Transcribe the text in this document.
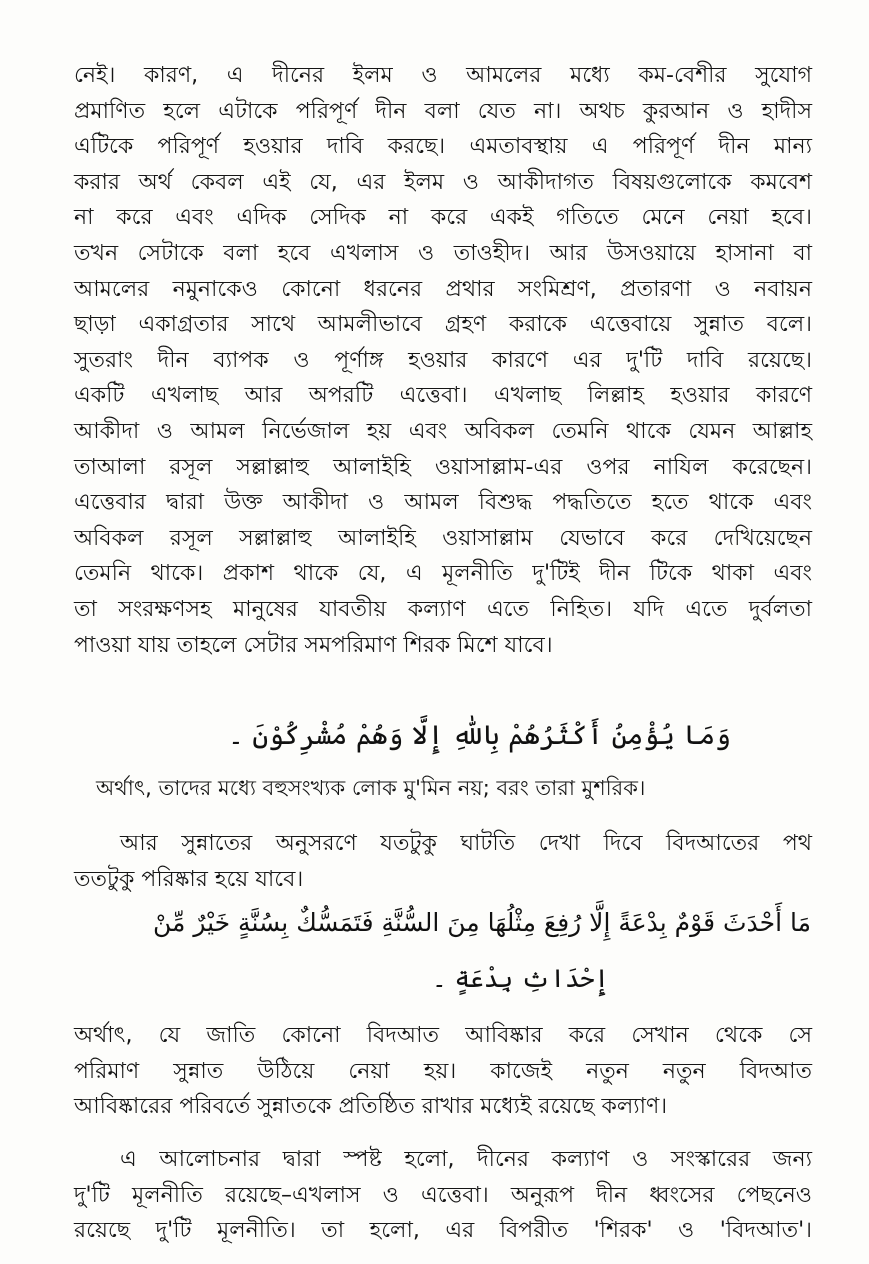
নেই। কারণ, এ দীনের ইলম ও আমলের মধ্যে কম-বেশীর সুযোগ
প্রমাণিত হলে এটাকে পরিপূর্ণ দীন বলা যেত না। অথচ কুরআন ও হাদীস
এটিকে পরিপূর্ণ হওয়ার দাবি করছে। এমতাবস্থায় এ পরিপূর্ণ দীন মান্য
করার অর্থ কেবল এই যে, এর ইলম ও আকীদাগত বিষয়গুলোকে কমবেশ
না করে এবং এদিক সেদিক না করে একই গতিতে মেনে নেয়া হবে।
তখন সেটাকে বলা হবে এখলাস ও তাওহীদ। আর উসওয়ায়ে হাসানা বা
আমলের নমুনাকেও কোনো ধরনের প্রথার সংমিশ্রণ, প্রতারণা ও নবায়ন
ছাড়া একাগ্রতার সাথে আমলীভাবে গ্রহণ করাকে এত্তেবায়ে সুন্নাত বলে।
সুতরাং দীন ব্যাপক ও পূর্ণাঙ্গ হওয়ার কারণে এর দু'টি দাবি রয়েছে।
একটি এখলাছ আর অপরটি এত্তেবা। এখলাছ লিল্লাহ হওয়ার কারণে
আকীদা ও আমল নির্ভেজাল হয় এবং অবিকল তেমনি থাকে যেমন আল্লাহ
তাআলা রসূল সল্লাল্লাহু আলাইহি ওয়াসাল্লাম-এর ওপর নাযিল করেছেন।
এত্তেবার দ্বারা উক্ত আকীদা ও আমল বিশুদ্ধ পদ্ধতিতে হতে থাকে এবং
অবিকল রসূল সল্লাল্লাহু আলাইহি ওয়াসাল্লাম যেভাবে করে দেখিয়েছেন
তেমনি থাকে। প্রকাশ থাকে যে, এ মূলনীতি দু'টিই দীন টিকে থাকা এবং
তা সংরক্ষণসহ মানুষের যাবতীয় কল্যাণ এতে নিহিত। যদি এতে দুর্বলতা
পাওয়া যায় তাহলে সেটার সমপরিমাণ শিরক মিশে যাবে।

وَمَا يُؤْمِنُ أَكْثَرُهُمْ بِاللّٰهِ إِلَّا وَهُمْ مُشْرِكُوْنَ ۔

অর্থাৎ, তাদের মধ্যে বহুসংখ্যক লোক মু'মিন নয়; বরং তারা মুশরিক।

আর সুন্নাতের অনুসরণে যতটুকু ঘাটতি দেখা দিবে বিদআতের পথ
ততটুকু পরিষ্কার হয়ে যাবে।

مَا أَحْدَثَ قَوْمٌ بِدْعَةً إِلَّا رُفِعَ مِثْلُهَا مِنَ السُّنَّةِ فَتَمَسُّكٌ بِسُنَّةٍ خَيْرٌ مِّنْ

إِحْدَاثِ بِدْعَةٍ ۔

অর্থাৎ, যে জাতি কোনো বিদআত আবিষ্কার করে সেখান থেকে সে
পরিমাণ সুন্নাত উঠিয়ে নেয়া হয়। কাজেই নতুন নতুন বিদআত
আবিষ্কারের পরিবর্তে সুন্নাতকে প্রতিষ্ঠিত রাখার মধ্যেই রয়েছে কল্যাণ।
এ আলোচনার দ্বারা স্পষ্ট হলো, দীনের কল্যাণ ও সংস্কারের জন্য
দু'টি মূলনীতি রয়েছে–এখলাস ও এত্তেবা। অনুরূপ দীন ধ্বংসের পেছনেও
রয়েছে দু'টি মূলনীতি। তা হলো, এর বিপরীত 'শিরক' ও 'বিদআত'।
